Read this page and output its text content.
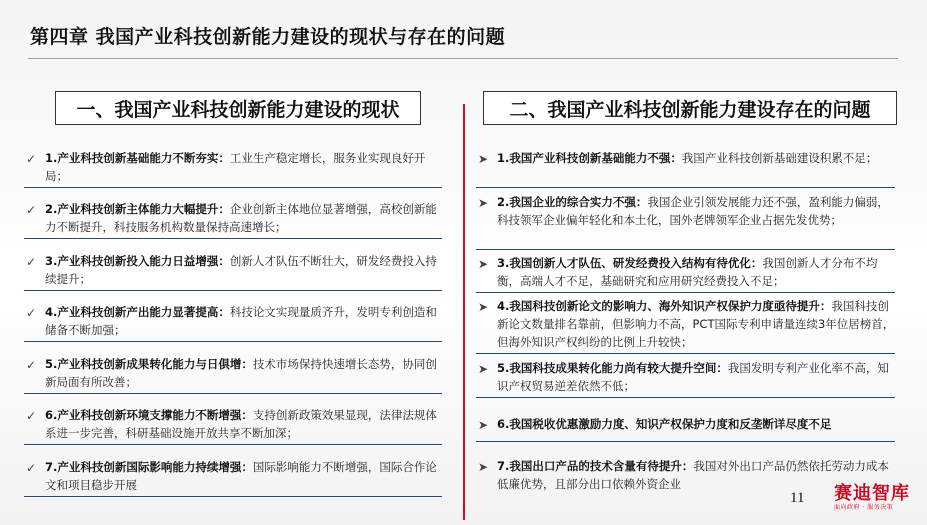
第四章 我国产业科技创新能力建设的现状与存在的问题
一、我国产业科技创新能力建设的现状	二、我国产业科技创新能力建设存在的问题
✓ 1.产业科技创新基础能力不断夯实：工业生产稳定增长，服务业实现良好开局；
✓ 2.产业科技创新主体能力大幅提升：企业创新主体地位显著增强，高校创新能力不断提升，科技服务机构数量保持高速增长；
✓ 3.产业科技创新投入能力日益增强：创新人才队伍不断壮大，研发经费投入持续提升；
✓ 4.产业科技创新产出能力显著提高：科技论文实现量质齐升，发明专利创造和储备不断加强；
✓ 5.产业科技创新成果转化能力与日俱增：技术市场保持快速增长态势，协同创新局面有所改善；
✓ 6.产业科技创新环境支撑能力不断增强：支持创新政策效果显现，法律法规体系进一步完善，科研基础设施开放共享不断加深；
✓ 7.产业科技创新国际影响能力持续增强：国际影响能力不断增强，国际合作论文和项目稳步开展
➤ 1.我国产业科技创新基础能力不强：我国产业科技创新基础建设积累不足；
➤ 2.我国企业的综合实力不强：我国企业引领发展能力还不强，盈利能力偏弱，科技领军企业偏年轻化和本土化，国外老牌领军企业占据先发优势；
➤ 3.我国创新人才队伍、研发经费投入结构有待优化：我国创新人才分布不均衡，高端人才不足，基础研究和应用研究经费投入不足；
➤ 4.我国科技创新论文的影响力、海外知识产权保护力度亟待提升：我国科技创新论文数量排名靠前，但影响力不高，PCT国际专利申请量连续3年位居榜首，但海外知识产权纠纷的比例上升较快；
➤ 5.我国科技成果转化能力尚有较大提升空间：我国发明专利产业化率不高，知识产权贸易逆差依然不低；
➤ 6.我国税收优惠激励力度、知识产权保护力度和反垄断详尽度不足
➤ 7.我国出口产品的技术含量有待提升：我国对外出口产品仍然依托劳动力成本低廉优势，且部分出口依赖外资企业
11 赛迪智库
面向政府 · 服务决策
